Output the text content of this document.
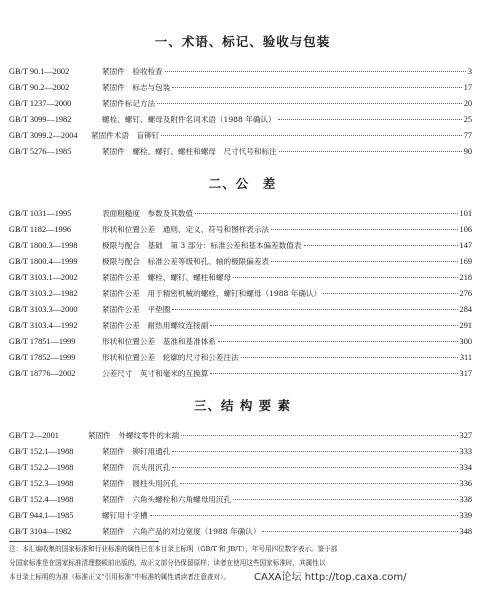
一、术语、标记、验收与包装
GB/T 90.1—2002	紧固件　验收检查	3
GB/T 90.2—2002	紧固件　标志与包装	17
GB/T 1237—2000	紧固件标记方法	20
GB/T 3099—1982	螺栓、螺钉、螺母及附件名词术语（1988 年确认）	25
GB/T 3099.2—2004	紧固件术语　盲铆钉	77
GB/T 5276—1985	紧固件　螺栓、螺钉、螺柱和螺母　尺寸代号和标注	90
二、公　差
GB/T 1031—1995	表面粗糙度　参数及其数值	101
GB/T 1182—1996	形状和位置公差　通则、定义、符号和图样表示法	106
GB/T 1800.3—1998	极限与配合　基础　第 3 部分：标准公差和基本偏差数值表	147
GB/T 1800.4—1999	极限与配合　标准公差等级和孔、轴的极限偏差表	169
GB/T 3103.1—2002	紧固件公差　螺栓、螺钉、螺柱和螺母	218
GB/T 3103.2—1982	紧固件公差　用于精密机械的螺栓、螺钉和螺母（1988 年确认）	276
GB/T 3103.3—2000	紧固件公差　平垫圈	284
GB/T 3103.4—1992	紧固件公差　耐热用螺纹连接副	291
GB/T 17851—1999	形状和位置公差　基准和基准体系	300
GB/T 17852—1999	形状和位置公差　轮廓的尺寸和公差注法	311
GB/T 18776—2002	公差尺寸　英寸和毫米的互换算	317
三、结 构 要 素
GB/T 2—2001	紧固件　外螺纹零件的末端	327
GB/T 152.1—1988	紧固件　铆钉用通孔	333
GB/T 152.2—1988	紧固件　沉头用沉孔	334
GB/T 152.3—1988	紧固件　圆柱头用沉孔	336
GB/T 152.4—1988	紧固件　六角头螺栓和六角螺母用沉孔	338
GB/T 944.1—1985	螺钉用十字槽	339
GB/T 3104—1982	紧固件　六角产品的对边宽度（1988 年确认）	348
注：本汇编收集的国家标准和行业标准的属性已在本目录上标明（GB/T 和 JB/T），年号用四位数字表示。鉴于部
分国家标准是在国家标准清理整顿前出版的，故正文部分仍保留原样；读者在使用这些国家标准时，其属性以
本目录上标明的为准（标准正文“引用标准”中标准的属性请读者注意查对）。	CAXA论坛 http://top.caxa.com/
